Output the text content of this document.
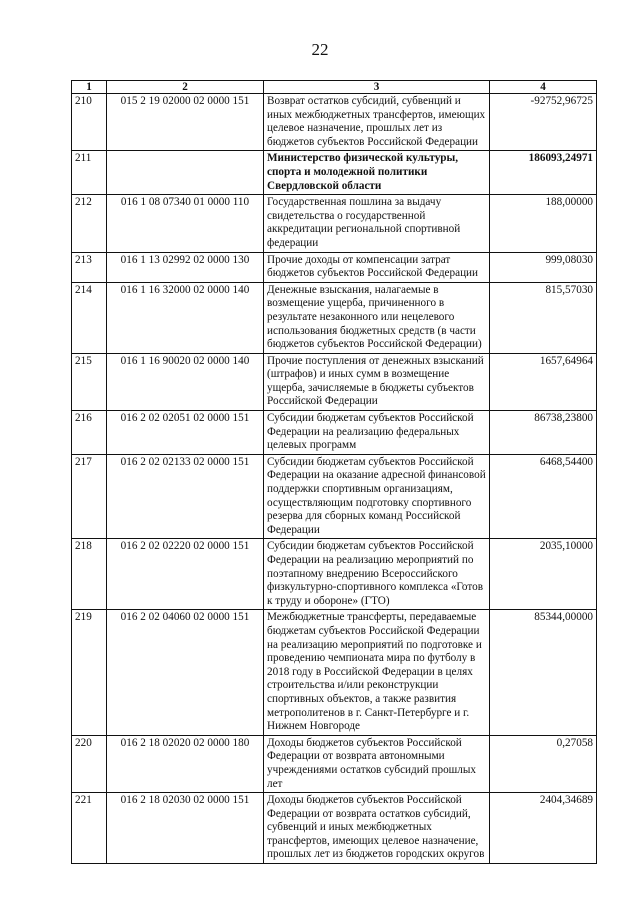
22
1	2	3	4
210	015 2 19 02000 02 0000 151	Возврат остатков субсидий, субвенций и иных межбюджетных трансфертов, имеющих целевое назначение, прошлых лет из бюджетов субъектов Российской Федерации	-92752,96725
211		Министерство физической культуры, спорта и молодежной политики Свердловской области	186093,24971
212	016 1 08 07340 01 0000 110	Государственная пошлина за выдачу свидетельства о государственной аккредитации региональной спортивной федерации	188,00000
213	016 1 13 02992 02 0000 130	Прочие доходы от компенсации затрат бюджетов субъектов Российской Федерации	999,08030
214	016 1 16 32000 02 0000 140	Денежные взыскания, налагаемые в возмещение ущерба, причиненного в результате незаконного или нецелевого использования бюджетных средств (в части бюджетов субъектов Российской Федерации)	815,57030
215	016 1 16 90020 02 0000 140	Прочие поступления от денежных взысканий (штрафов) и иных сумм в возмещение ущерба, зачисляемые в бюджеты субъектов Российской Федерации	1657,64964
216	016 2 02 02051 02 0000 151	Субсидии бюджетам субъектов Российской Федерации на реализацию федеральных целевых программ	86738,23800
217	016 2 02 02133 02 0000 151	Субсидии бюджетам субъектов Российской Федерации на оказание адресной финансовой поддержки спортивным организациям, осуществляющим подготовку спортивного резерва для сборных команд Российской Федерации	6468,54400
218	016 2 02 02220 02 0000 151	Субсидии бюджетам субъектов Российской Федерации на реализацию мероприятий по поэтапному внедрению Всероссийского физкультурно-спортивного комплекса «Готов к труду и обороне» (ГТО)	2035,10000
219	016 2 02 04060 02 0000 151	Межбюджетные трансферты, передаваемые бюджетам субъектов Российской Федерации на реализацию мероприятий по подготовке и проведению чемпионата мира по футболу в 2018 году в Российской Федерации в целях строительства и/или реконструкции спортивных объектов, а также развития метрополитенов в г. Санкт-Петербурге и г. Нижнем Новгороде	85344,00000
220	016 2 18 02020 02 0000 180	Доходы бюджетов субъектов Российской Федерации от возврата автономными учреждениями остатков субсидий прошлых лет	0,27058
221	016 2 18 02030 02 0000 151	Доходы бюджетов субъектов Российской Федерации от возврата остатков субсидий, субвенций и иных межбюджетных трансфертов, имеющих целевое назначение, прошлых лет из бюджетов городских округов	2404,34689
